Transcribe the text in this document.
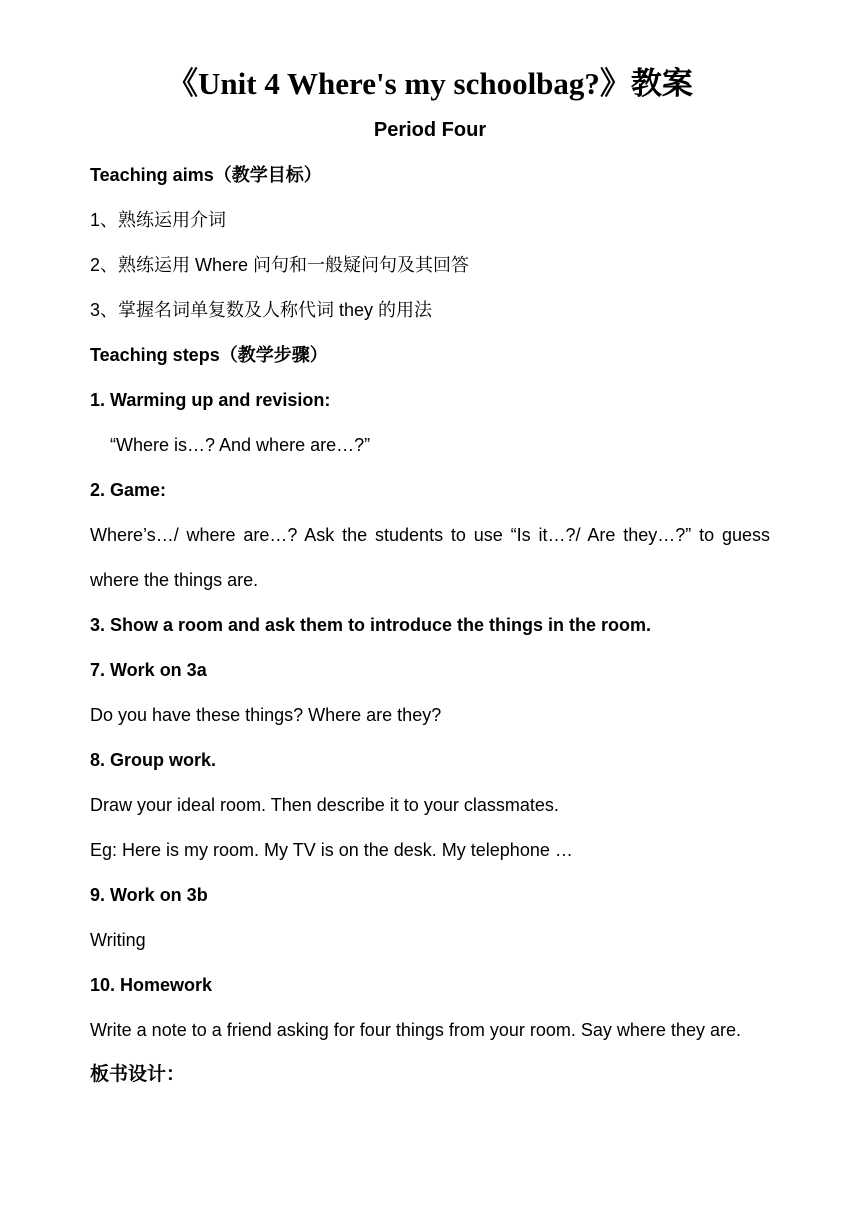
《Unit 4 Where's my schoolbag?》教案
Period Four
Teaching aims（教学目标）
1、熟练运用介词
2、熟练运用 Where 问句和一般疑问句及其回答
3、掌握名词单复数及人称代词 they 的用法
Teaching steps（教学步骤）
1. Warming up and revision:
“Where is…? And where are…?”
2. Game:
Where’s…/ where are…? Ask the students to use “Is it…?/ Are they…?” to guess
where the things are.
3. Show a room and ask them to introduce the things in the room.
7. Work on 3a
Do you have these things? Where are they?
8. Group work.
Draw your ideal room. Then describe it to your classmates.
Eg: Here is my room. My TV is on the desk. My telephone …
9. Work on 3b
Writing
10. Homework
Write a note to a friend asking for four things from your room. Say where they are.
板书设计：
